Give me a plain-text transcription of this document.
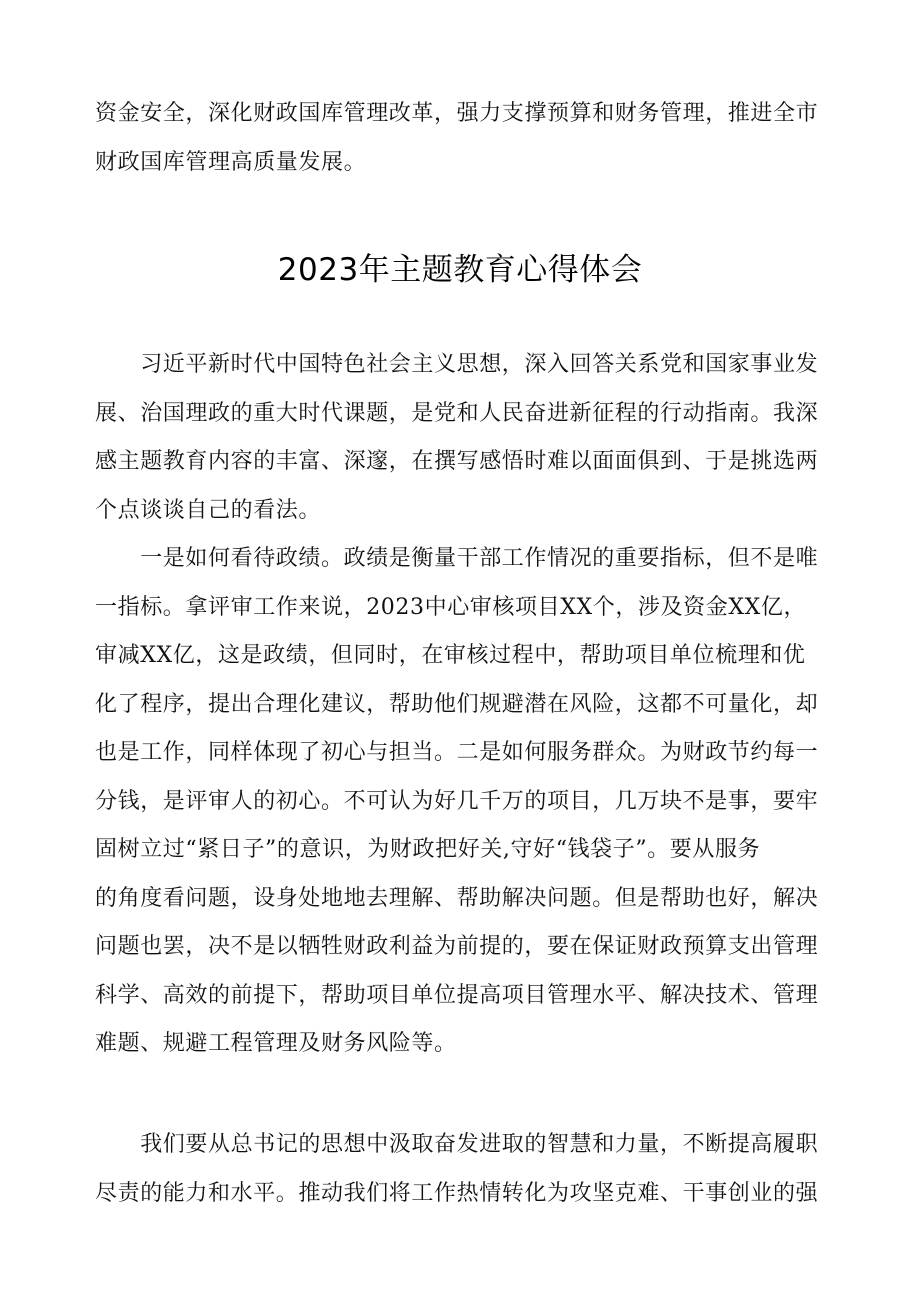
资金安全，深化财政国库管理改革，强力支撑预算和财务管理，推进全市
财政国库管理高质量发展。

2023年主题教育心得体会

　　习近平新时代中国特色社会主义思想，深入回答关系党和国家事业发
展、治国理政的重大时代课题，是党和人民奋进新征程的行动指南。我深
感主题教育内容的丰富、深邃，在撰写感悟时难以面面俱到、于是挑选两
个点谈谈自己的看法。

　　一是如何看待政绩。政绩是衡量干部工作情况的重要指标，但不是唯
一指标。拿评审工作来说，2023中心审核项目XX个，涉及资金XX亿，
审减XX亿，这是政绩，但同时，在审核过程中，帮助项目单位梳理和优
化了程序，提出合理化建议，帮助他们规避潜在风险，这都不可量化，却
也是工作，同样体现了初心与担当。二是如何服务群众。为财政节约每一
分钱，是评审人的初心。不可认为好几千万的项目，几万块不是事，要牢
固树立过“紧日子”的意识，为财政把好关,守好“钱袋子”。要从服务
的角度看问题，设身处地地去理解、帮助解决问题。但是帮助也好，解决
问题也罢，决不是以牺牲财政利益为前提的，要在保证财政预算支出管理
科学、高效的前提下，帮助项目单位提高项目管理水平、解决技术、管理
难题、规避工程管理及财务风险等。

　　我们要从总书记的思想中汲取奋发进取的智慧和力量，不断提高履职
尽责的能力和水平。推动我们将工作热情转化为攻坚克难、干事创业的强
